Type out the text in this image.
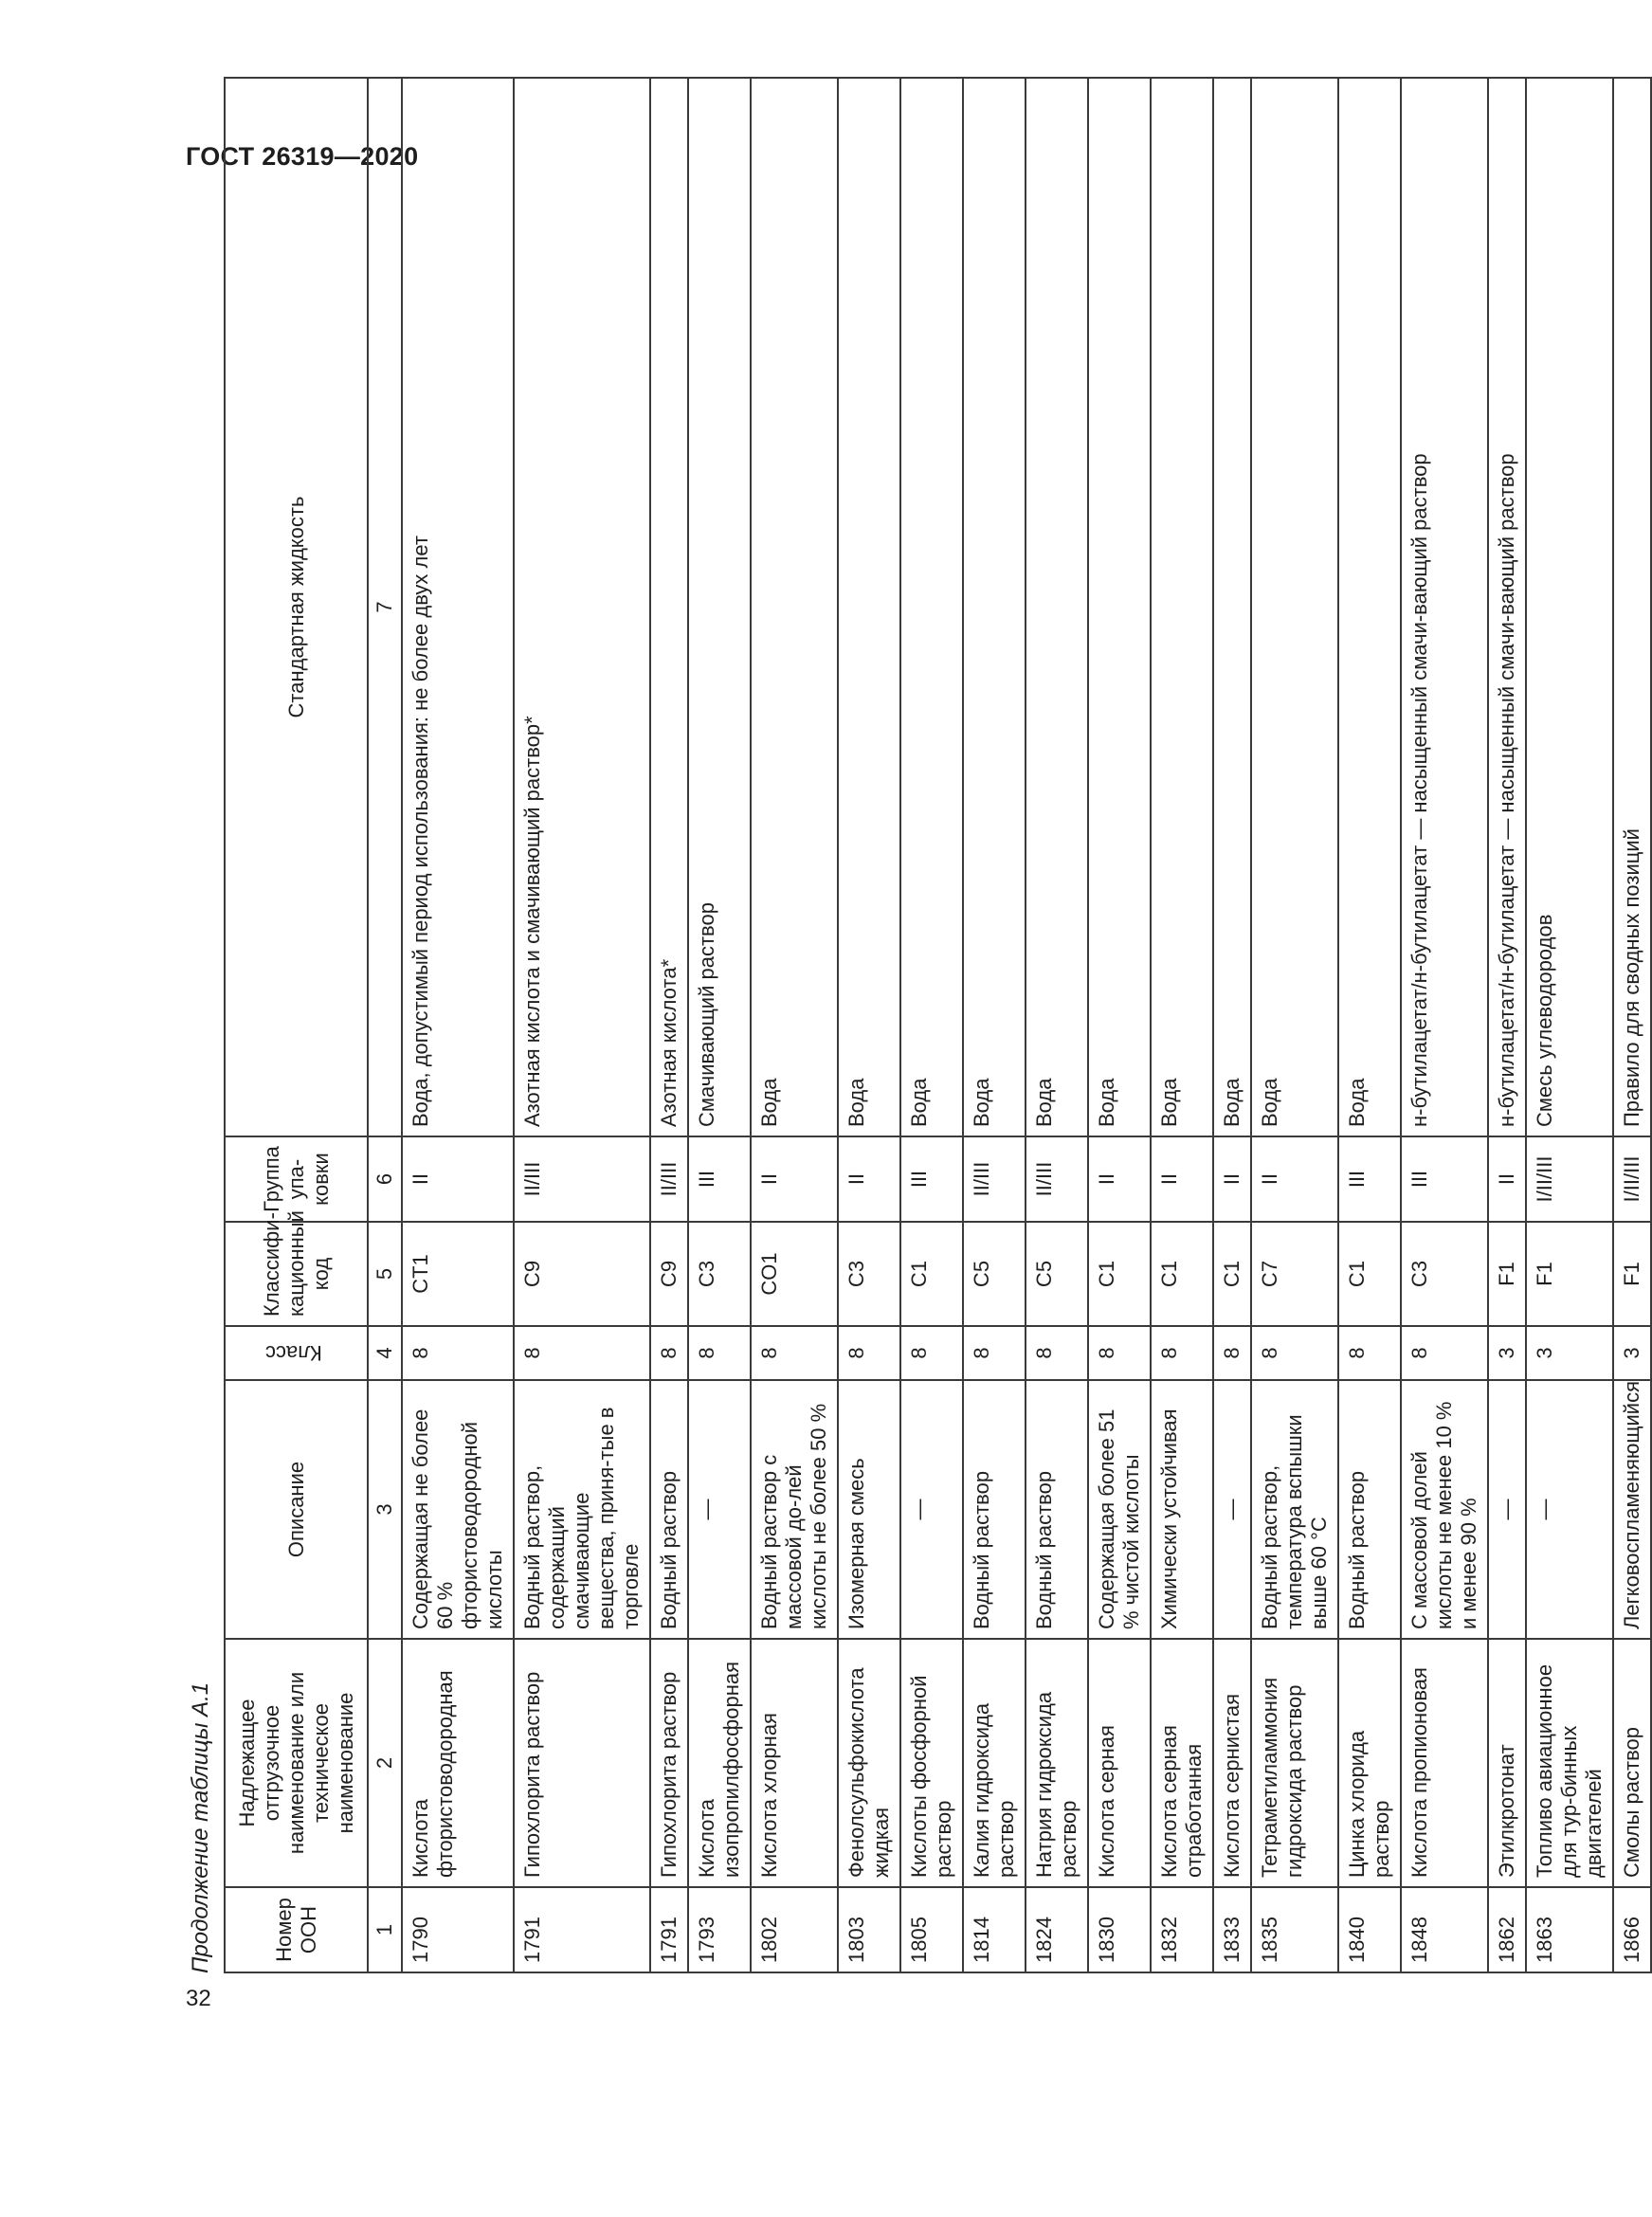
ГОСТ 26319—2020
Продолжение таблицы А.1	Номер ООН	Надлежащее отгрузочное наименование или техническое наименование	Описание	Класс	Классифи-кационный код	Группа упа-ковки	Стандартная жидкость
1	2	3	4	5	6	7
1790	Кислота фтористоводородная	Содержащая не более 60 % фтористоводородной кислоты	8	CT1	II	Вода, допустимый период использования: не более двух лет
1791	Гипохлорита раствор	Водный раствор, содержащий смачивающие вещества, приня-тые в торговле	8	C9	II/III	Азотная кислота и смачивающий раствор*
1791	Гипохлорита раствор	Водный раствор	8	C9	II/III	Азотная кислота*
1793	Кислота изопропилфосфорная	—	8	C3	III	Смачивающий раствор
1802	Кислота хлорная	Водный раствор с массовой до-лей кислоты не более 50 %	8	CO1	II	Вода
1803	Фенолсульфокислота жидкая	Изомерная смесь	8	C3	II	Вода
1805	Кислоты фосфорной раствор	—	8	C1	III	Вода
1814	Калия гидроксида раствор	Водный раствор	8	C5	II/III	Вода
1824	Натрия гидроксида раствор	Водный раствор	8	C5	II/III	Вода
1830	Кислота серная	Содержащая более 51 % чистой кислоты	8	C1	II	Вода
1832	Кислота серная отработанная	Химически устойчивая	8	C1	II	Вода
1833	Кислота сернистая	—	8	C1	II	Вода
1835	Тетраметиламмония гидроксида раствор	Водный раствор, температура вспышки выше 60 °С	8	C7	II	Вода
1840	Цинка хлорида раствор	Водный раствор	8	C1	III	Вода
1848	Кислота пропионовая	С массовой долей кислоты не менее 10 % и менее 90 %	8	C3	III	н-бутилацетат/н-бутилацетат — насыщенный смачи-вающий раствор
1862	Этилкротонат	—	3	F1	II	н-бутилацетат/н-бутилацетат — насыщенный смачи-вающий раствор
1863	Топливо авиационное для тур-бинных двигателей	—	3	F1	I/II/III	Смесь углеводородов
1866	Смолы раствор	Легковоспламеняющийся	3	F1	I/II/III	Правило для сводных позиций
32
